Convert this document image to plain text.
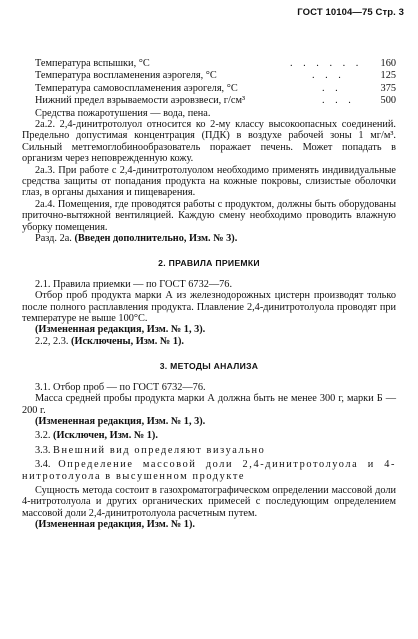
ГОСТ 10104—75 Стр. 3
Температура вспышки, °С	. . . . . . 160
Температура воспламенения аэрогеля, °С	. . .	125
Температура самовоспламенения аэрогеля, °С	. .	375
Нижний предел взрываемости аэровзвеси, г/см³	. . . 500

Средства пожаротушения — вода, пена.

2а.2. 2,4-динитротолуол относится ко 2-му классу высокоопасных соединений. Предельно допустимая концентрация (ПДК) в воздухе рабочей зоны 1 мг/м³. Сильный метгемоглобинообразователь поражает печень. Может попадать в организм через неповрежденную кожу.

2а.3. При работе с 2,4-динитротолуолом необходимо применять индивидуальные средства защиты от попадания продукта на кожные покровы, слизистые оболочки глаз, в органы дыхания и пищеварения.

2а.4. Помещения, где проводятся работы с продуктом, должны быть оборудованы приточно-вытяжной вентиляцией. Каждую смену необходимо проводить влажную уборку помещения.

Разд. 2а. (Введен дополнительно, Изм. № 3).

2. ПРАВИЛА ПРИЕМКИ

2.1. Правила приемки — по ГОСТ 6732—76.

Отбор проб продукта марки А из железнодорожных цистерн производят только после полного расплавления продукта. Плавление 2,4-динитротолуола проводят при температуре не выше 100°С.

(Измененная редакция, Изм. № 1, 3).

2.2, 2.3. (Исключены, Изм. № 1).

3. МЕТОДЫ АНАЛИЗА

3.1. Отбор проб — по ГОСТ 6732—76.

Масса средней пробы продукта марки А должна быть не менее 300 г, марки Б — 200 г.

(Измененная редакция, Изм. № 1, 3).

3.2. (Исключен, Изм. № 1).

3.3. Внешний вид определяют визуально

3.4. Определение массовой доли 2,4-динитротолуола и 4-нитротолуола в высушенном продукте

Сущность метода состоит в газохроматографическом определении массовой доли 4-нитротолуола и других органических примесей с последующим определением массовой доли 2,4-динитротолуола расчетным путем.

(Измененная редакция, Изм. № 1).
